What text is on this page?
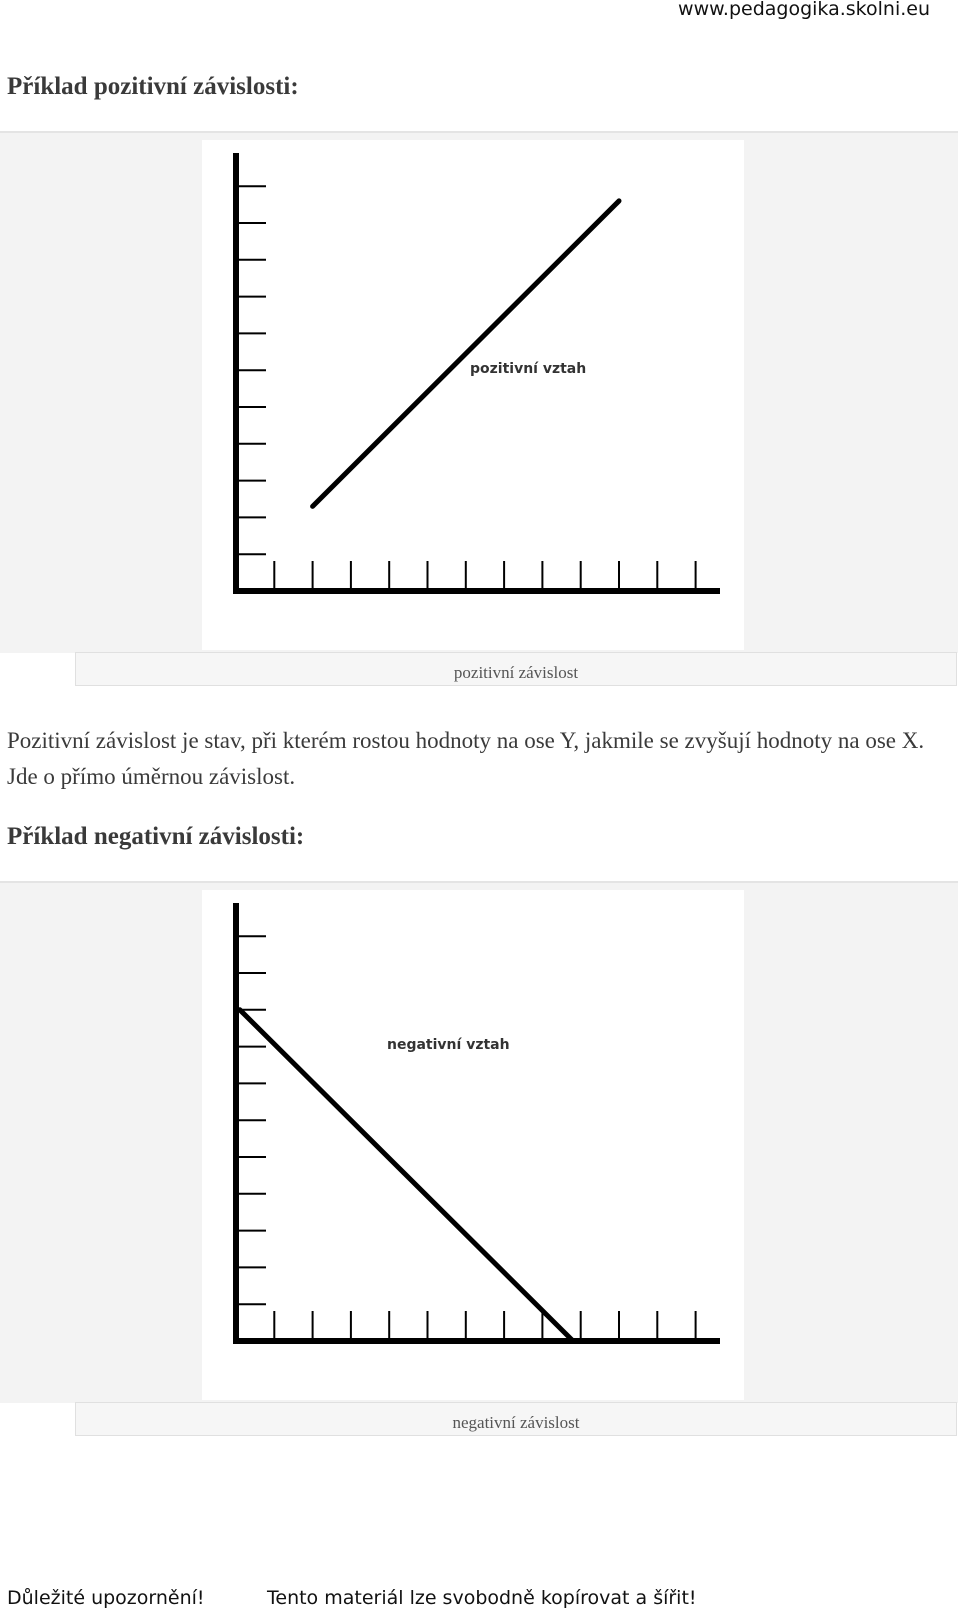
www.pedagogika.skolni.eu
Příklad pozitivní závislosti:
pozitivní vztah
pozitivní závislost

Pozitivní závislost je stav, při kterém rostou hodnoty na ose Y, jakmile se zvyšují hodnoty na ose X. Jde o přímo úměrnou závislost.

Příklad negativní závislosti:
negativní vztah
negativní závislost
Důležité upozornění!	Tento materiál lze svobodně kopírovat a šířit!
